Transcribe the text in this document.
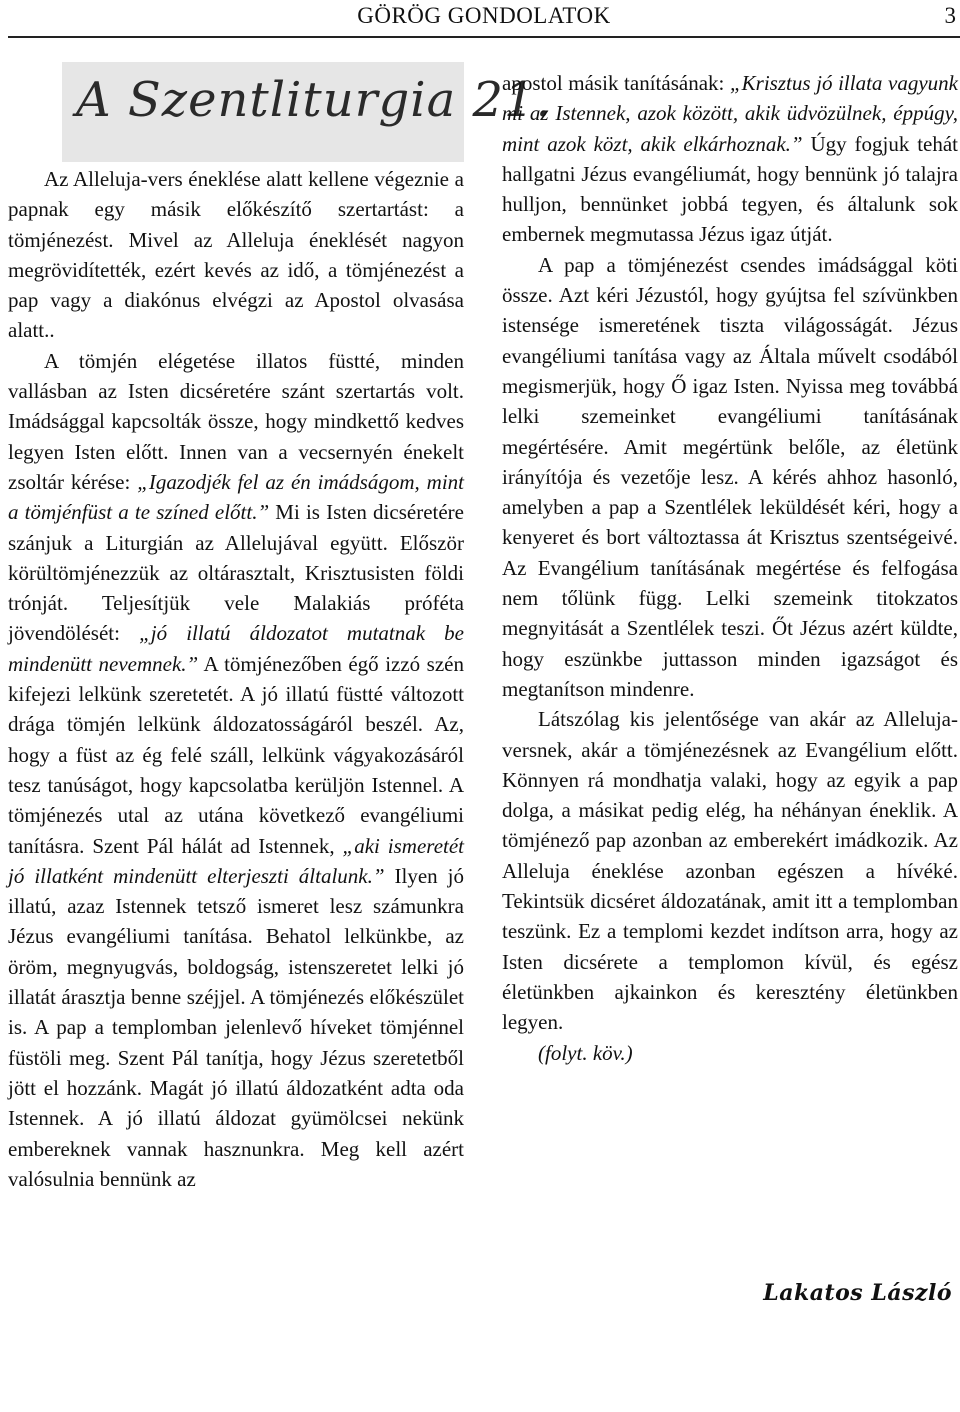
GÖRÖG GONDOLATOK	3
A Szentliturgia 21.

Az Alleluja-vers éneklése alatt kellene végeznie a papnak egy másik előkészítő szertartást: a tömjénezést. Mivel az Alleluja éneklését nagyon megrövidítették, ezért kevés az idő, a tömjénezést a pap vagy a diakónus elvégzi az Apostol olvasása alatt..

A tömjén elégetése illatos füstté, minden vallásban az Isten dicséretére szánt szertartás volt. Imádsággal kapcsolták össze, hogy mindkettő kedves legyen Isten előtt. Innen van a vecsernyén énekelt zsoltár kérése: „Igazodjék fel az én imádságom, mint a tömjénfüst a te színed előtt.” Mi is Isten dicséretére szánjuk a Liturgián az Allelujával együtt. Először körültömjénezzük az oltárasztalt, Krisztusisten földi trónját. Teljesítjük vele Malakiás próféta jövendölését: „jó illatú áldozatot mutatnak be mindenütt nevemnek.” A tömjénezőben égő izzó szén kifejezi lelkünk szeretetét. A jó illatú füstté változott drága tömjén lelkünk áldozatosságáról beszél. Az, hogy a füst az ég felé száll, lelkünk vágyakozásáról tesz tanúságot, hogy kapcsolatba kerüljön Istennel. A tömjénezés utal az utána következő evangéliumi tanításra. Szent Pál hálát ad Istennek, „aki ismeretét jó illatként mindenütt elterjeszti általunk.” Ilyen jó illatú, azaz Istennek tetsző ismeret lesz számunkra Jézus evangéliumi tanítása. Behatol lelkünkbe, az öröm, megnyugvás, boldogság, istenszeretet lelki jó illatát árasztja benne széjjel. A tömjénezés előkészület is. A pap a templomban jelenlevő híveket tömjénnel füstöli meg. Szent Pál tanítja, hogy Jézus szeretetből jött el hozzánk. Magát jó illatú áldozatként adta oda Istennek. A jó illatú áldozat gyümölcsei nekünk embereknek vannak hasznunkra. Meg kell azért valósulnia bennünk az

apostol másik tanításának: „Krisztus jó illata vagyunk mi az Istennek, azok között, akik üdvözülnek, éppúgy, mint azok közt, akik elkárhoznak.” Úgy fogjuk tehát hallgatni Jézus evangéliumát, hogy bennünk jó talajra hulljon, bennünket jobbá tegyen, és általunk sok embernek megmutassa Jézus igaz útját.

A pap a tömjénezést csendes imádsággal köti össze. Azt kéri Jézustól, hogy gyújtsa fel szívünkben istensége ismeretének tiszta világosságát. Jézus evangéliumi tanítása vagy az Általa művelt csodából megismerjük, hogy Ő igaz Isten. Nyissa meg továbbá lelki szemeinket evangéliumi tanításának megértésére. Amit megértünk belőle, az életünk irányítója és vezetője lesz. A kérés ahhoz hasonló, amelyben a pap a Szentlélek leküldését kéri, hogy a kenyeret és bort változtassa át Krisztus szentségeivé. Az Evangélium tanításának megértése és felfogása nem tőlünk függ. Lelki szemeink titokzatos megnyitását a Szentlélek teszi. Őt Jézus azért küldte, hogy eszünkbe juttasson minden igazságot és megtanítson mindenre.

Látszólag kis jelentősége van akár az Alleluja-versnek, akár a tömjénezésnek az Evangélium előtt. Könnyen rá mondhatja valaki, hogy az egyik a pap dolga, a másikat pedig elég, ha néhányan éneklik. A tömjénező pap azonban az emberekért imádkozik. Az Alleluja éneklése azonban egészen a hívéké. Tekintsük dicséret áldozatának, amit itt a templomban teszünk. Ez a templomi kezdet indítson arra, hogy az Isten dicsérete a templomon kívül, és egész életünkben ajkainkon és keresztény életünkben legyen.

(folyt. köv.)

Lakatos László
